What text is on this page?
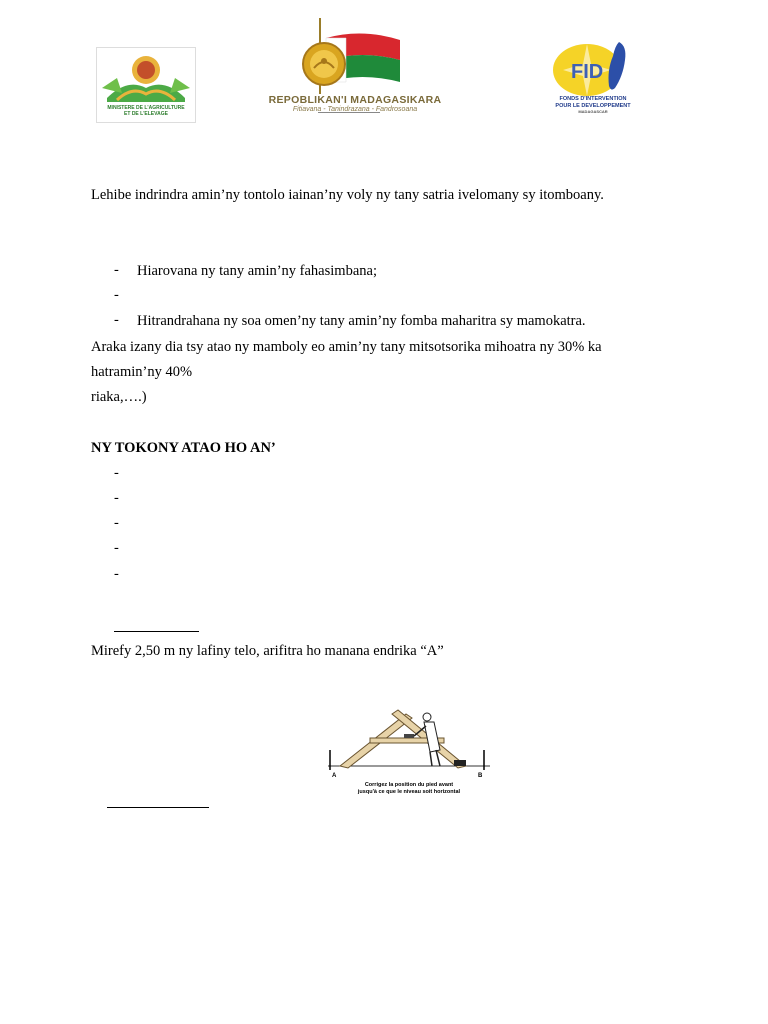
MINISTERE DE L'AGRICULTURE
ET DE L'ELEVAGE
REPOBLIKAN'I MADAGASIKARA
Fitiavana - Tanindrazana - Fandrosoana
FID
FONDS D'INTERVENTION
POUR LE DEVELOPPEMENT
MADAGASCAR
Lehibe indrindra amin’ny tontolo iainan’ny voly ny tany satria ivelomany sy itomboany.
- Hiarovana ny tany amin’ny fahasimbana;
-
- Hitrandrahana ny soa omen’ny tany amin’ny fomba maharitra sy mamokatra.
Araka izany dia tsy atao ny mamboly eo amin’ny tany mitsotsorika mihoatra ny 30% ka
hatramin’ny 40%
riaka,….)
NY TOKONY ATAO HO AN’
-
-
-
-
-
Mirefy 2,50 m ny lafiny telo, arifitra ho manana endrika “A”
A	B
Corrigez la position du pied avant
jusqu'à ce que le niveau soit horizontal
